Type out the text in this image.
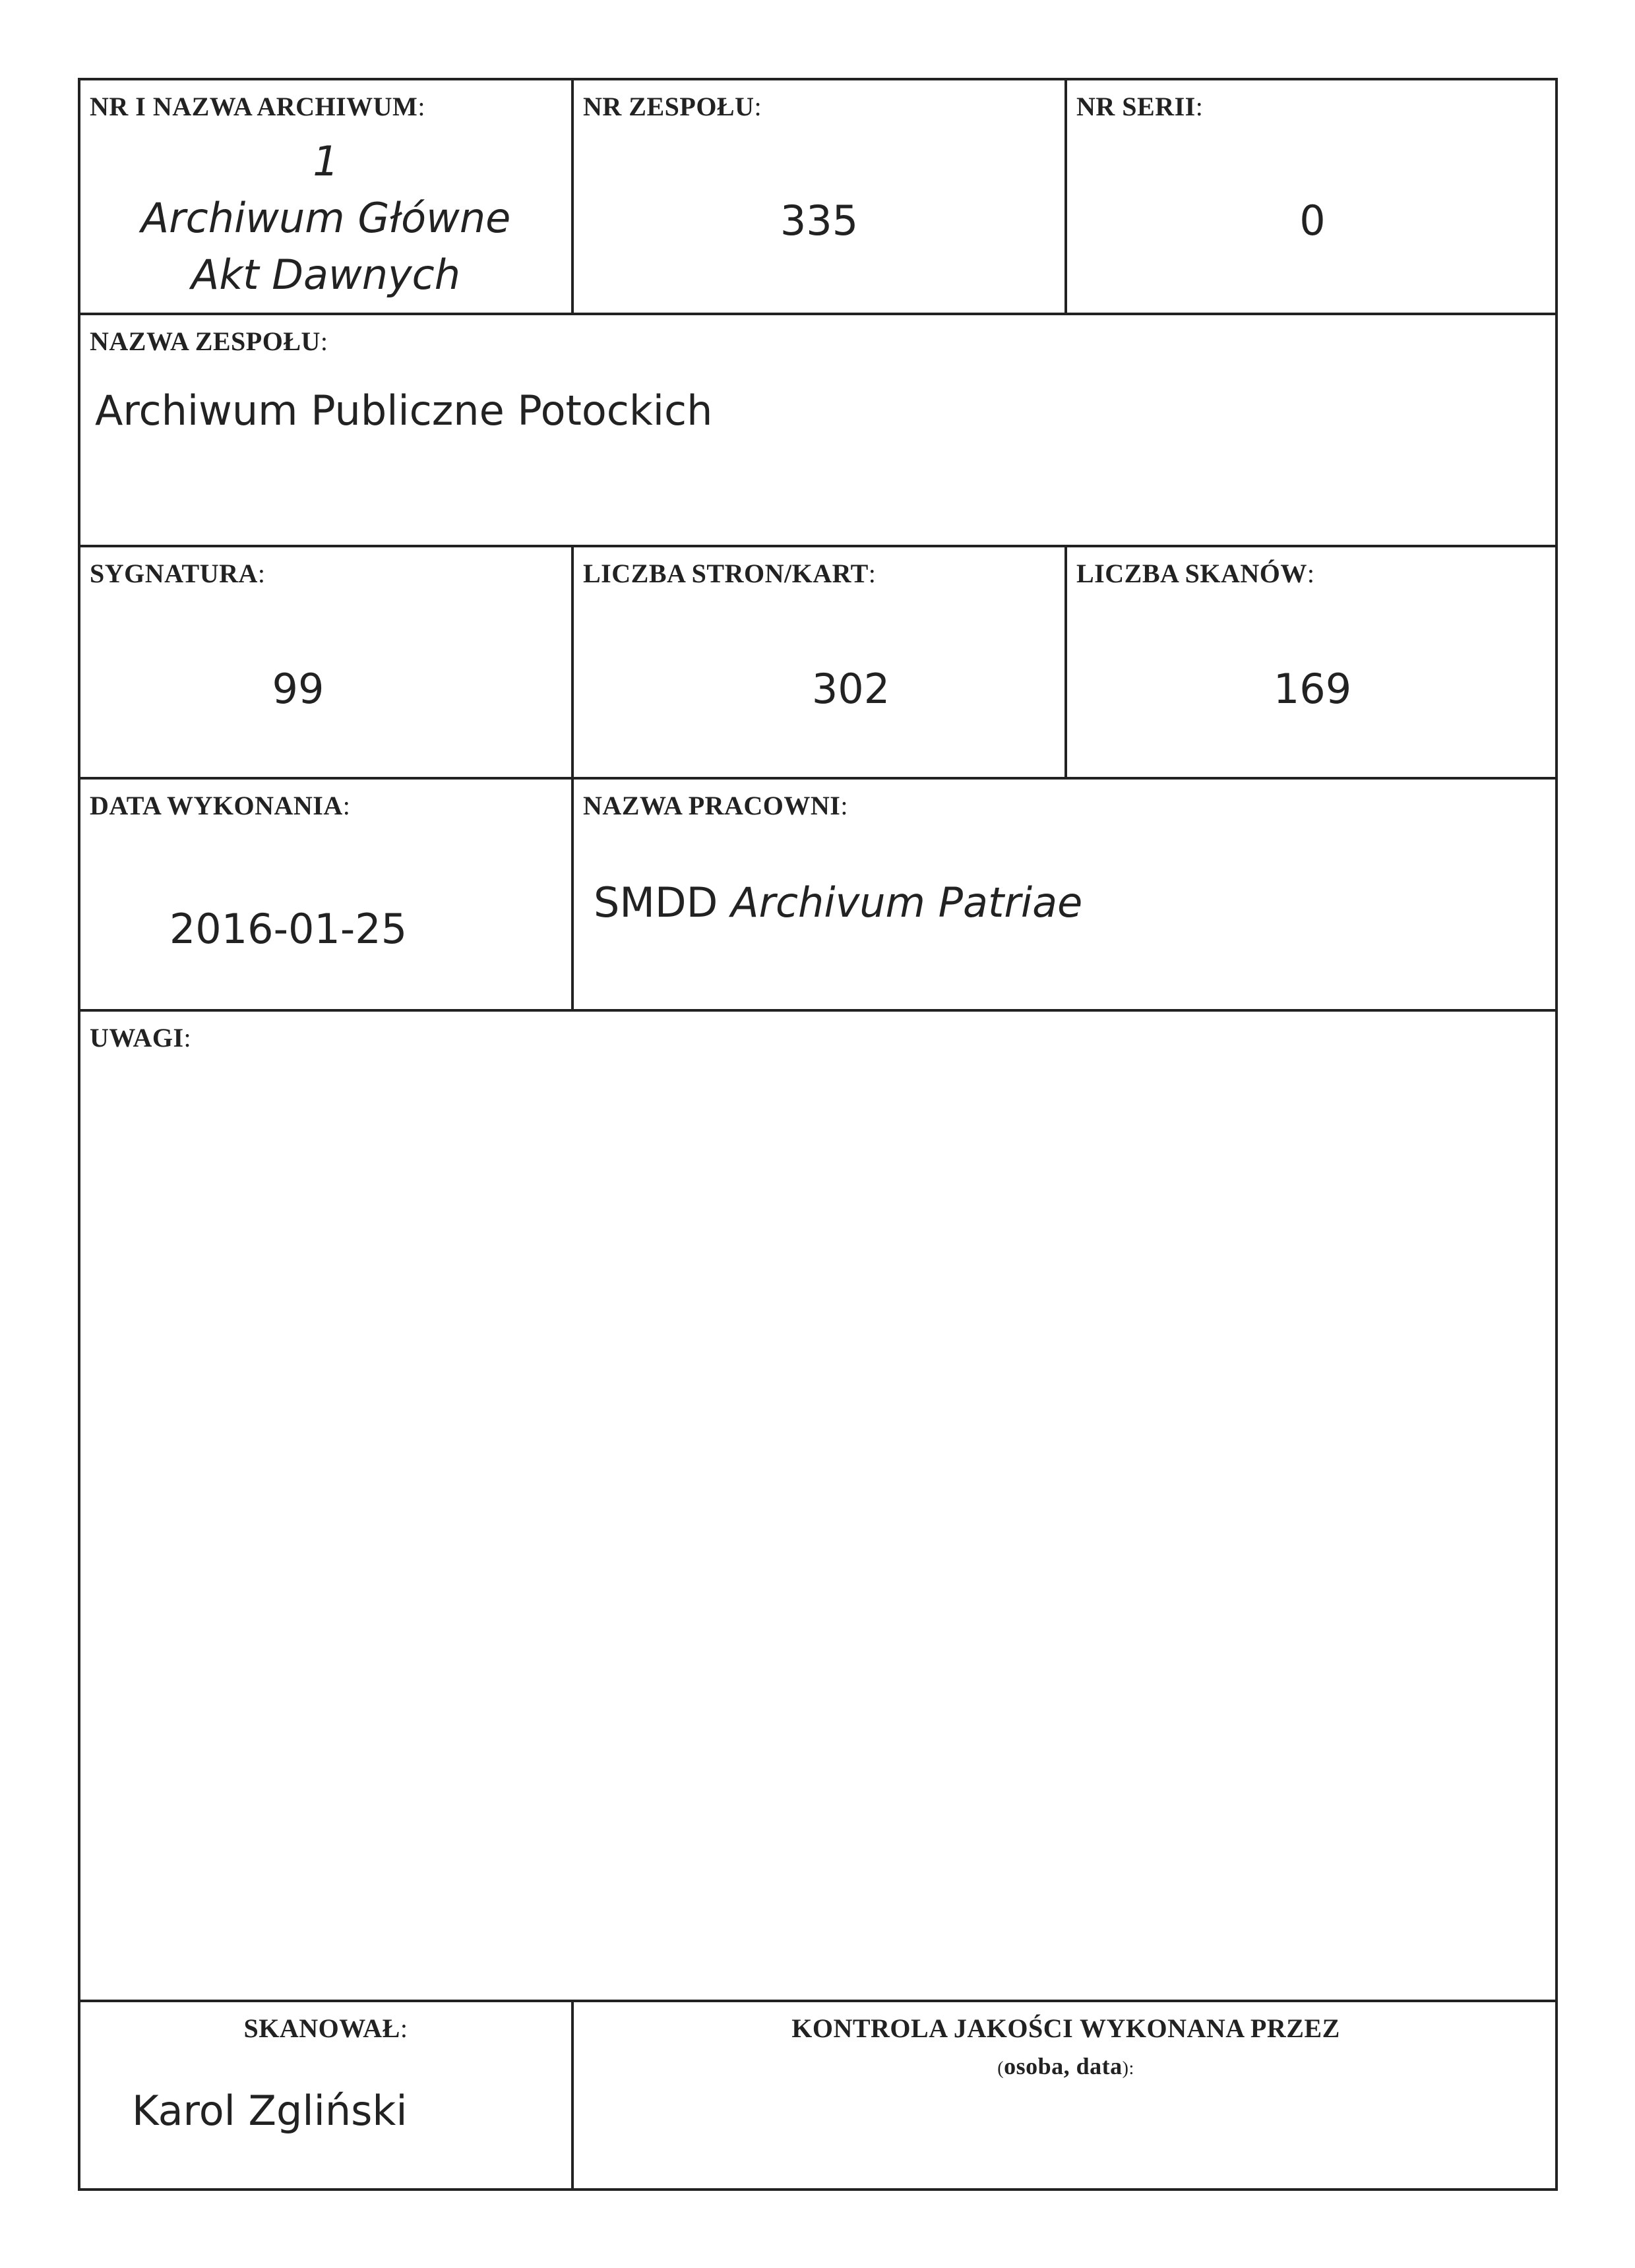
NR I NAZWA ARCHIWUM:
1
Archiwum Główne
Akt Dawnych
NR ZESPOŁU:
335
NR SERII:
0
NAZWA ZESPOŁU:
Archiwum Publiczne Potockich
SYGNATURA:
99
LICZBA STRON/KART:
302
LICZBA SKANÓW:
169
DATA WYKONANIA:
2016-01-25
NAZWA PRACOWNI:
SMDD Archivum Patriae
UWAGI:
SKANOWAŁ:
Karol Zgliński
KONTROLA JAKOŚCI WYKONANA PRZEZ
(osoba, data):
